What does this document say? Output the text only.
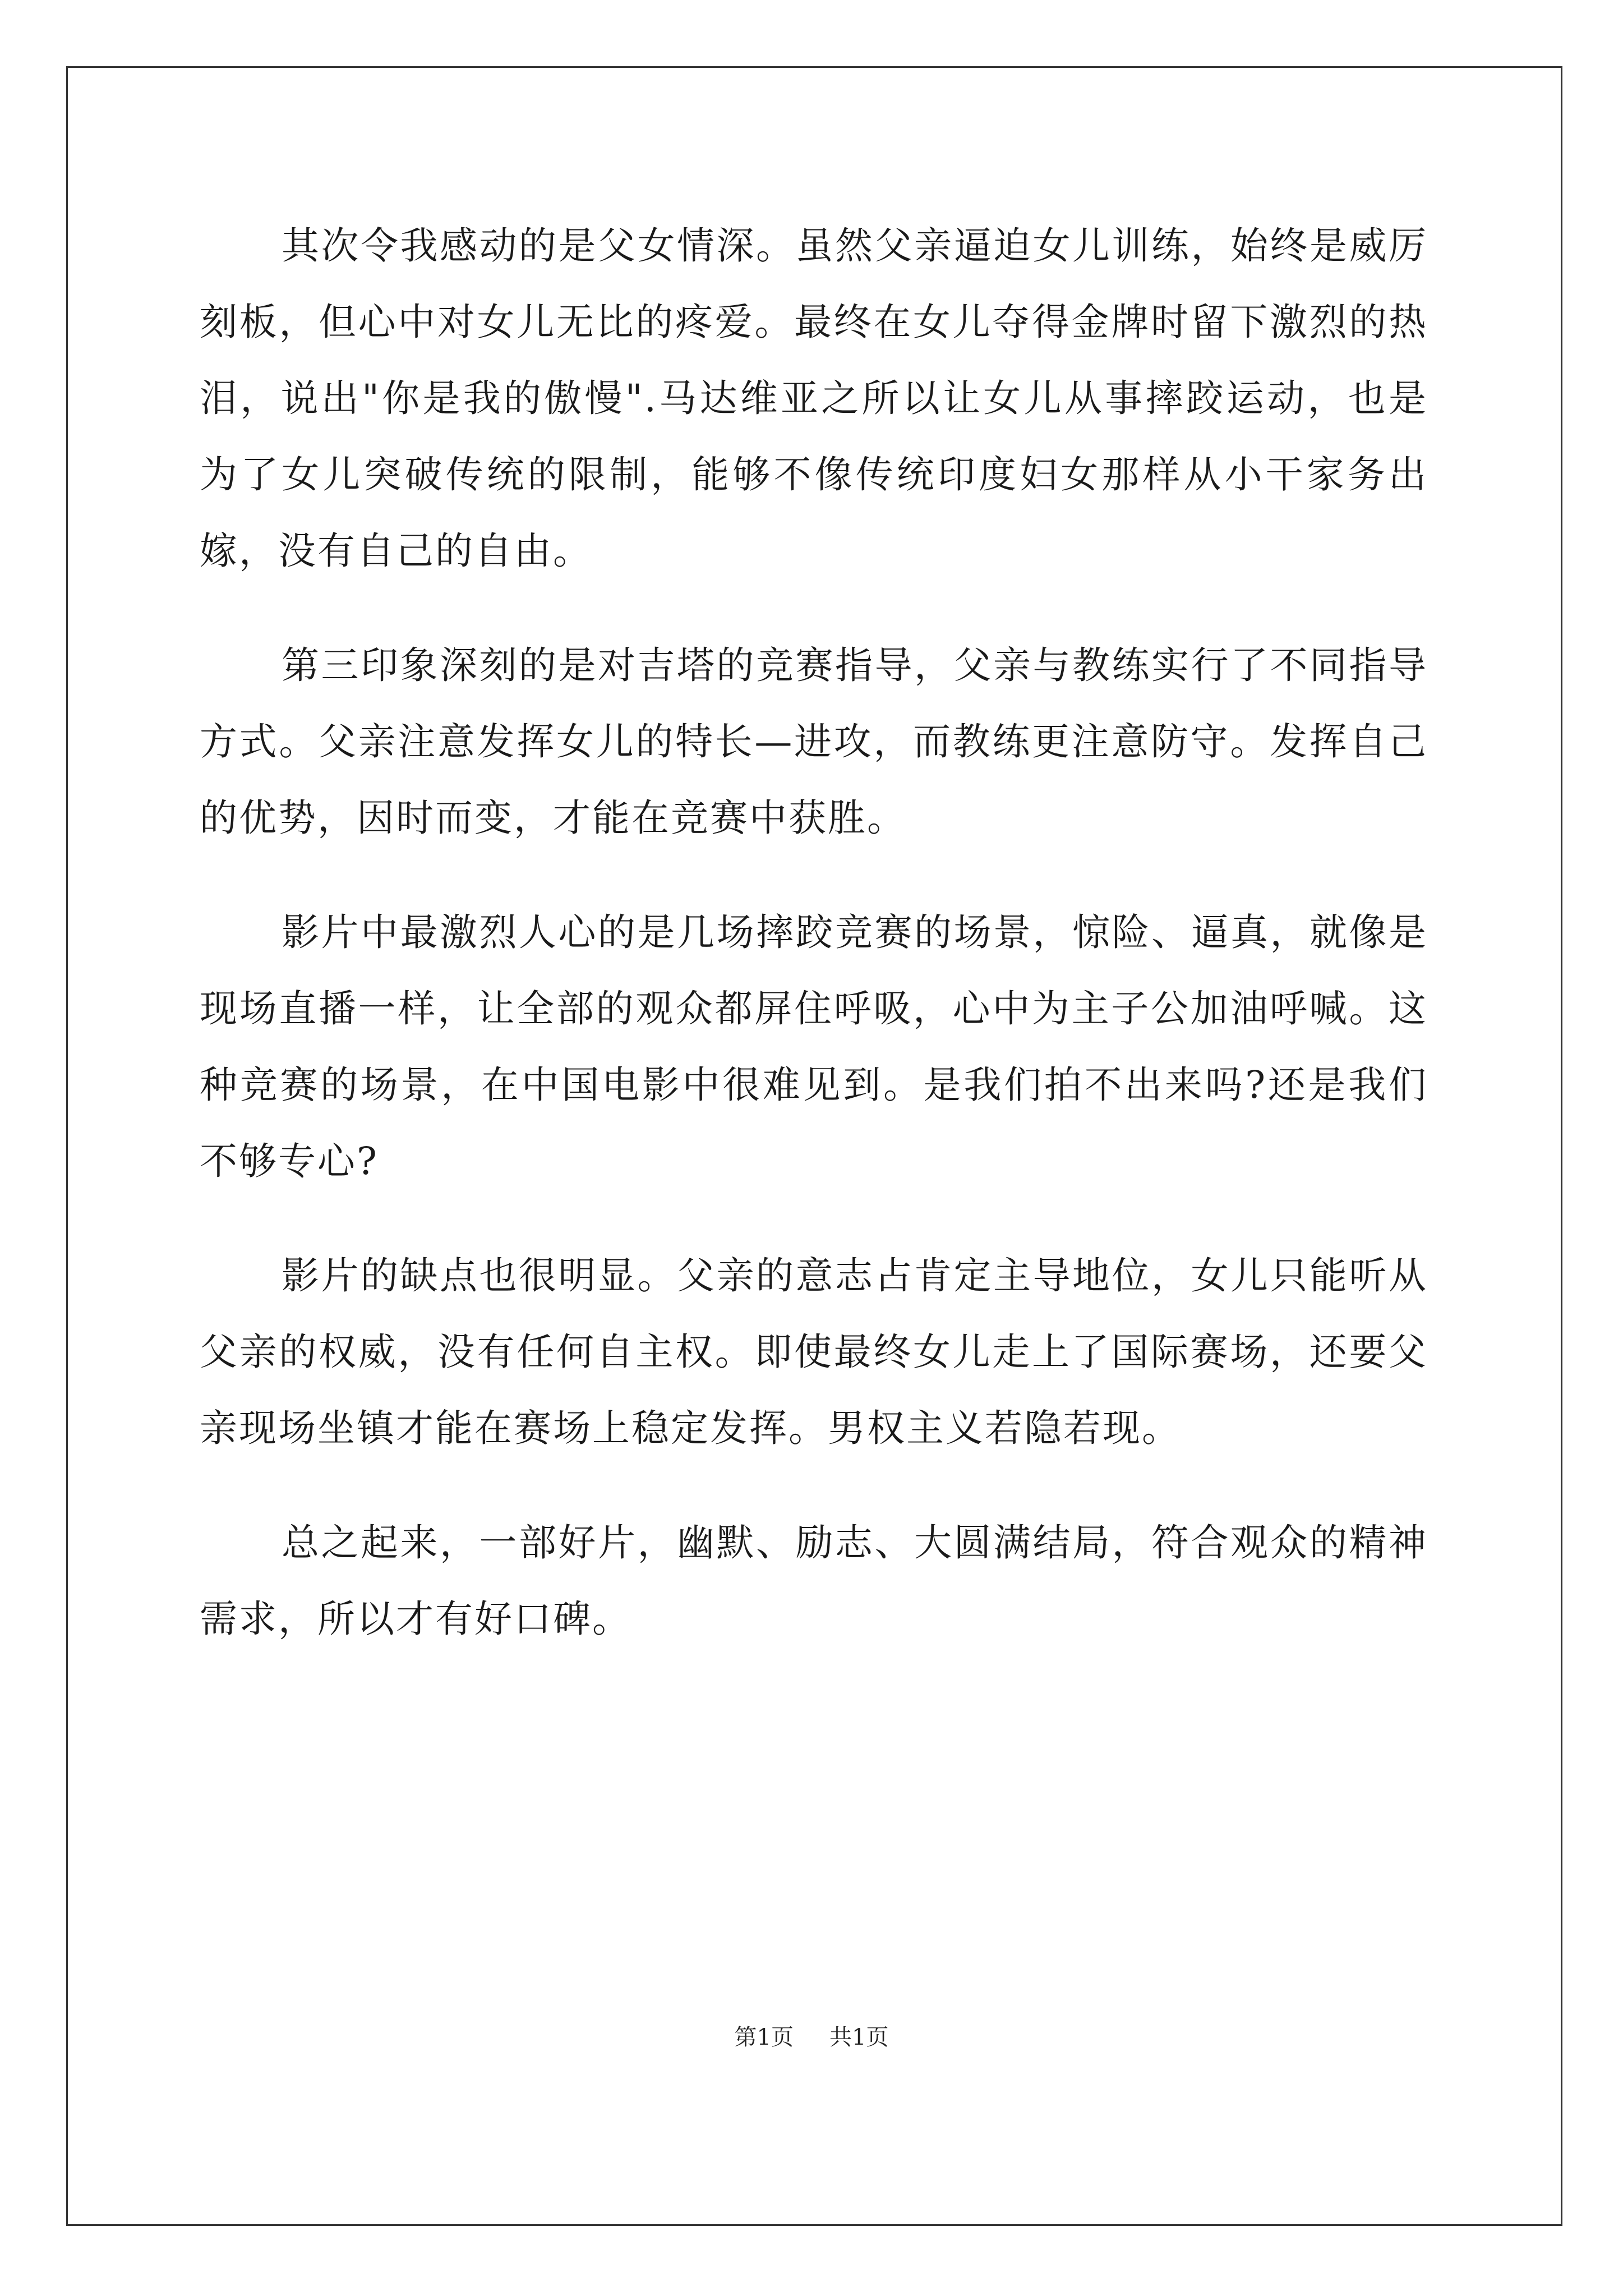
其次令我感动的是父女情深。虽然父亲逼迫女儿训练，始终是威厉刻板，但心中对女儿无比的疼爱。最终在女儿夺得金牌时留下激烈的热泪，说出"你是我的傲慢".马达维亚之所以让女儿从事摔跤运动，也是为了女儿突破传统的限制，能够不像传统印度妇女那样从小干家务出嫁，没有自己的自由。

第三印象深刻的是对吉塔的竞赛指导，父亲与教练实行了不同指导方式。父亲注意发挥女儿的特长—进攻，而教练更注意防守。发挥自己的优势，因时而变，才能在竞赛中获胜。

影片中最激烈人心的是几场摔跤竞赛的场景，惊险、逼真，就像是现场直播一样，让全部的观众都屏住呼吸，心中为主子公加油呼喊。这种竞赛的场景，在中国电影中很难见到。是我们拍不出来吗?还是我们不够专心?

影片的缺点也很明显。父亲的意志占肯定主导地位，女儿只能听从父亲的权威，没有任何自主权。即使最终女儿走上了国际赛场，还要父亲现场坐镇才能在赛场上稳定发挥。男权主义若隐若现。

总之起来，一部好片，幽默、励志、大圆满结局，符合观众的精神需求，所以才有好口碑。

第1页 共1页
